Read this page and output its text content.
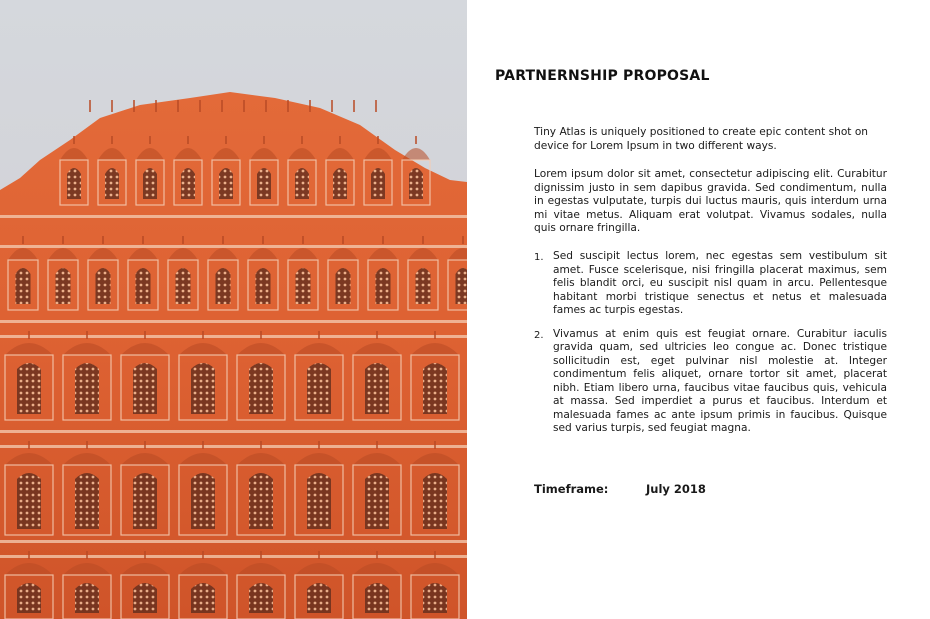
PARTNERNSHIP PROPOSAL

Tiny Atlas is uniquely positioned to create epic content shot on device for Lorem Ipsum in two different ways.

Lorem ipsum dolor sit amet, consectetur adipiscing elit. Curabitur dignissim justo in sem dapibus gravida. Sed condimentum, nulla in egestas vulputate, turpis dui luctus mauris, quis interdum urna mi vitae metus. Aliquam erat volutpat. Vivamus sodales, nulla quis ornare fringilla.

1. Sed suscipit lectus lorem, nec egestas sem vestibulum sit amet. Fusce scelerisque, nisi fringilla placerat maximus, sem felis blandit orci, eu suscipit nisl quam in arcu. Pellentesque habitant morbi tristique senectus et netus et malesuada fames ac turpis egestas.
2. Vivamus at enim quis est feugiat ornare. Curabitur iaculis gravida quam, sed ultricies leo congue ac. Donec tristique sollicitudin est, eget pulvinar nisl molestie at. Integer condimentum felis aliquet, ornare tortor sit amet, placerat nibh. Etiam libero urna, faucibus vitae faucibus quis, vehicula at massa. Sed imperdiet a purus et faucibus. Interdum et malesuada fames ac ante ipsum primis in faucibus. Quisque sed varius turpis, sed feugiat magna.
Timeframe:	July 2018
